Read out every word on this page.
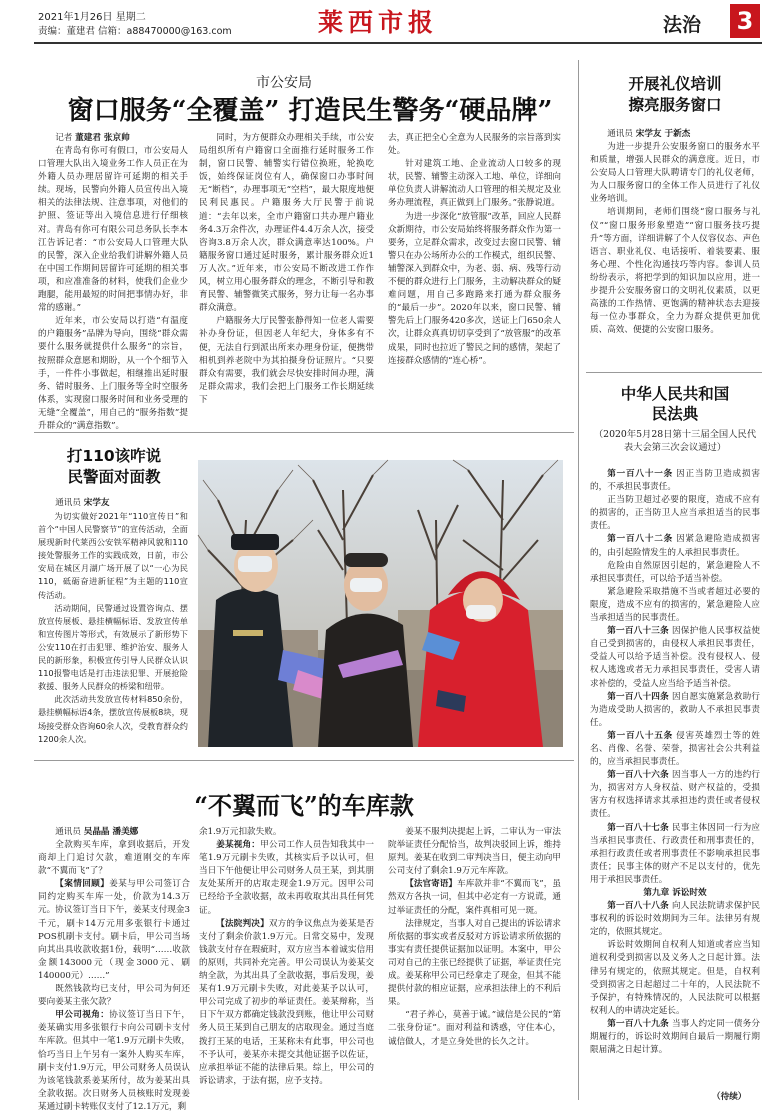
2021年1月26日 星期二
责编：董建君 信箱：a88470000@163.com	莱西市报	法治 3
市公安局
窗口服务“全覆盖” 打造民生警务“硬品牌”
记者 董建君 张京帅

在青岛有你可有假口，市公安局人口管理大队出入境业务工作人员正在为外籍人员办理居留许可延期的相关手续。现场，民警向外籍人员宣传出入境相关的法律法规、注意事项，对他们的护照、签证等出入境信息进行仔细核对。青岛有你可有限公司总务队长李本江告诉记者：“市公安局人口管理大队的民警，深入企业给我们讲解外籍人员在中国工作期间居留许可延期的相关事项，和应准准备的材料，使我们企业少跑腿，能用最短的时间把事情办好，非常的感谢。”

近年来，市公安局以打造“有温度的户籍服务”品牌为导向，围绕“群众需要什么服务就提供什么服务”的宗旨，按照群众意愿和期盼，从一个个细节入手，一件件小事做起，相继推出延时服务、错时服务、上门服务等全时空服务体系，实现窗口服务时间和业务受理的无缝“全覆盖”，用自己的“服务指数”提升群众的“满意指数”。

同时，为方便群众办理相关手续，市公安局组织所有户籍窗口全面推行延时服务工作制，窗口民警、辅警实行错位换班，轮换吃饭，始终保证岗位有人，确保窗口办事时间无“断档”，办理事项无“空档”，最大限度地便民利民惠民。户籍服务大厅民警于前说道：“去年以来，全市户籍窗口共办理户籍业务4.3万余件次，办理证件4.4万余人次，接受咨询3.8万余人次，群众满意率达100%。户籍服务窗口通过延时服务，累计服务群众近1万人次。”近年来，市公安局不断改进工作作风，树立用心服务群众的理念，不断引导和教育民警、辅警微笑式服务，努力让每一名办事群众满意。

户籍服务大厅民警张静得知一位老人需要补办身份证，但因老人年纪大，身体多有不便，无法自行到派出所来办理身份证，便携带相机到养老院中为其拍摄身份证照片。“只要群众有需要，我们就会尽快安排时间办理，满足群众需求，我们会把上门服务工作长期延续下

去，真正把全心全意为人民服务的宗旨落到实处。

针对建筑工地、企业流动人口较多的现状，民警、辅警主动深入工地、单位，详细向单位负责人讲解流动人口管理的相关规定及业务办理流程，真正做到上门服务。”张静说道。

为进一步深化“放管服”改革，回应人民群众新期待，市公安局始终将服务群众作为第一要务，立足群众需求，改变过去窗口民警、辅警只在办公场所办公的工作模式，组织民警、辅警深入到群众中，为老、弱、病、残等行动不便的群众进行上门服务，主动解决群众的疑难问题，用自己多跑路来打通为群众服务的“最后一步”。2020年以来，窗口民警、辅警先后上门服务420多次，送证上门650余人次，让群众真真切切享受到了“放管服”的改革成果，同时也拉近了警民之间的感情，架起了连接群众感情的“连心桥”。

开展礼仪培训
擦亮服务窗口
通讯员 宋学友 于新杰

为进一步提升公安服务窗口的服务水平和质量，增强人民群众的满意度。近日，市公安局人口管理大队聘请专门的礼仪老师，为人口服务窗口的全体工作人员进行了礼仪业务培训。

培训期间，老师们围绕“窗口服务与礼仪”“窗口服务形象塑造”“窗口服务技巧提升”等方面，详细讲解了个人仪容仪态、声色语言、职业礼仪、电话接听、着装要素、服务心理、个性化沟通技巧等内容。参训人员纷纷表示，将把学到的知识加以应用，进一步提升公安服务窗口的文明礼仪素质，以更高涨的工作热情、更饱满的精神状态去迎接每一位办事群众，全力为群众提供更加优质、高效、便捷的公安窗口服务。

打110该咋说
民警面对面教
通讯员 宋学友

为切实做好2021年“110宣传日”和首个“中国人民警察节”的宣传活动，全面展现新时代莱西公安铁军精神风貌和110接处警服务工作的实践成效，日前，市公安局在城区月湖广场开展了以“一心为民110，砥砺奋进新征程”为主题的110宣传活动。

活动期间，民警通过设置咨询点、摆放宣传展板、悬挂横幅标语、发放宣传单和宣传图片等形式，有效展示了新形势下公安110在打击犯罪、维护治安、服务人民的新形象，积极宣传引导人民群众认识110报警电话是打击违法犯罪、开展抢险救援、服务人民群众的桥梁和纽带。

此次活动共发放宣传材料850余份，悬挂横幅标语4条，摆放宣传展板8块，现场接受群众咨询60余人次，受教育群众约1200余人次。

“不翼而飞”的车库款
通讯员 吴晶晶 潘美娜

全款购买车库，拿到收据后，开发商却上门追讨欠款，难道刚交的车库款“不翼而飞”了？

【案情回顾】姜某与甲公司签订合同约定购买车库一处，价款为14.3万元。协议签订当日下午，姜某支付现金3千元，刷卡14万元用多张银行卡通过POS机刷卡支付。刷卡后，甲公司当场向其出具收款收据1份，载明“……收款金额143000元（现金3000元、刷140000元）……”

既然钱款均已支付，甲公司为何还要向姜某主张欠款？

甲公司视角：协议签订当日下午，姜某确实用多张银行卡向公司刷卡支付车库款。但其中一笔1.9万元刷卡失败，恰巧当日上午另有一案外人购买车库，刷卡支付1.9万元，甲公司财务人员误认为该笔钱款系姜某所付，故为姜某出具全款收据。次日财务人员核账时发现姜某通过刷卡转账仅支付了12.1万元，剩

余1.9万元扣款失败。

姜某视角：甲公司工作人员告知我其中一笔1.9万元刷卡失败，其核实后予以认可，但当日下午他便让甲公司财务人员王某，到其朋友处某所开的店取走现金1.9万元。因甲公司已经给予全款收据，故未再收取其出具任何凭证。

【法院判决】双方的争议焦点为姜某是否支付了剩余价款1.9万元。日常交易中，发现钱款支付存在瑕疵时，双方应当本着诚实信用的原则，共同补充完善。甲公司误认为姜某交纳全款，为其出具了全款收据，事后发现，姜某有1.9万元刷卡失败，对此姜某予以认可，甲公司完成了初步的举证责任。姜某辩称，当日下午双方都确定钱款没到账，他让甲公司财务人员王某到自己朋友的店取现金。通过当庭拨打王某的电话，王某称未有此事，甲公司也不予认可，姜某亦未提交其他证据予以佐证，应承担举证不能的法律后果。综上，甲公司的诉讼请求，于法有据，应予支持。

姜某不服判决提起上诉，二审认为一审法院举证责任分配恰当，故判决驳回上诉，维持原判。姜某在收到二审判决当日，便主动向甲公司支付了剩余1.9万元车库款。

【法官寄语】车库款并非“不翼而飞”，虽然双方各执一词，但其中必定有一方说谎，通过举证责任的分配，案件真相可见一斑。

法律规定，当事人对自己提出的诉讼请求所依据的事实或者反驳对方诉讼请求所依据的事实有责任提供证据加以证明。本案中，甲公司对自己的主张已经提供了证据，举证责任完成。姜某称甲公司已经拿走了现金，但其不能提供付款的相应证据，应承担法律上的不利后果。

“君子养心，莫善于诚。”诚信是公民的“第二张身份证”。面对利益和诱惑，守住本心，诚信做人，才是立身处世的长久之计。

中华人民共和国
民法典
（2020年5月28日第十三届全国人民代表大会第三次会议通过）

第一百八十一条 因正当防卫造成损害的，不承担民事责任。

正当防卫超过必要的限度，造成不应有的损害的，正当防卫人应当承担适当的民事责任。

第一百八十二条 因紧急避险造成损害的，由引起险情发生的人承担民事责任。

危险由自然原因引起的，紧急避险人不承担民事责任，可以给予适当补偿。

紧急避险采取措施不当或者超过必要的限度，造成不应有的损害的，紧急避险人应当承担适当的民事责任。

第一百八十三条 因保护他人民事权益使自己受到损害的，由侵权人承担民事责任，受益人可以给予适当补偿。没有侵权人、侵权人逃逸或者无力承担民事责任，受害人请求补偿的，受益人应当给予适当补偿。

第一百八十四条 因自愿实施紧急救助行为造成受助人损害的，救助人不承担民事责任。

第一百八十五条 侵害英雄烈士等的姓名、肖像、名誉、荣誉，损害社会公共利益的，应当承担民事责任。

第一百八十六条 因当事人一方的违约行为，损害对方人身权益、财产权益的，受损害方有权选择请求其承担违约责任或者侵权责任。

第一百八十七条 民事主体因同一行为应当承担民事责任、行政责任和刑事责任的，承担行政责任或者刑事责任不影响承担民事责任；民事主体的财产不足以支付的，优先用于承担民事责任。

第九章 诉讼时效

第一百八十八条 向人民法院请求保护民事权利的诉讼时效期间为三年。法律另有规定的，依照其规定。

诉讼时效期间自权利人知道或者应当知道权利受到损害以及义务人之日起计算。法律另有规定的，依照其规定。但是，自权利受到损害之日起超过二十年的，人民法院不予保护，有特殊情况的，人民法院可以根据权利人的申请决定延长。

第一百八十九条 当事人约定同一债务分期履行的，诉讼时效期间自最后一期履行期限届满之日起计算。

（待续）
